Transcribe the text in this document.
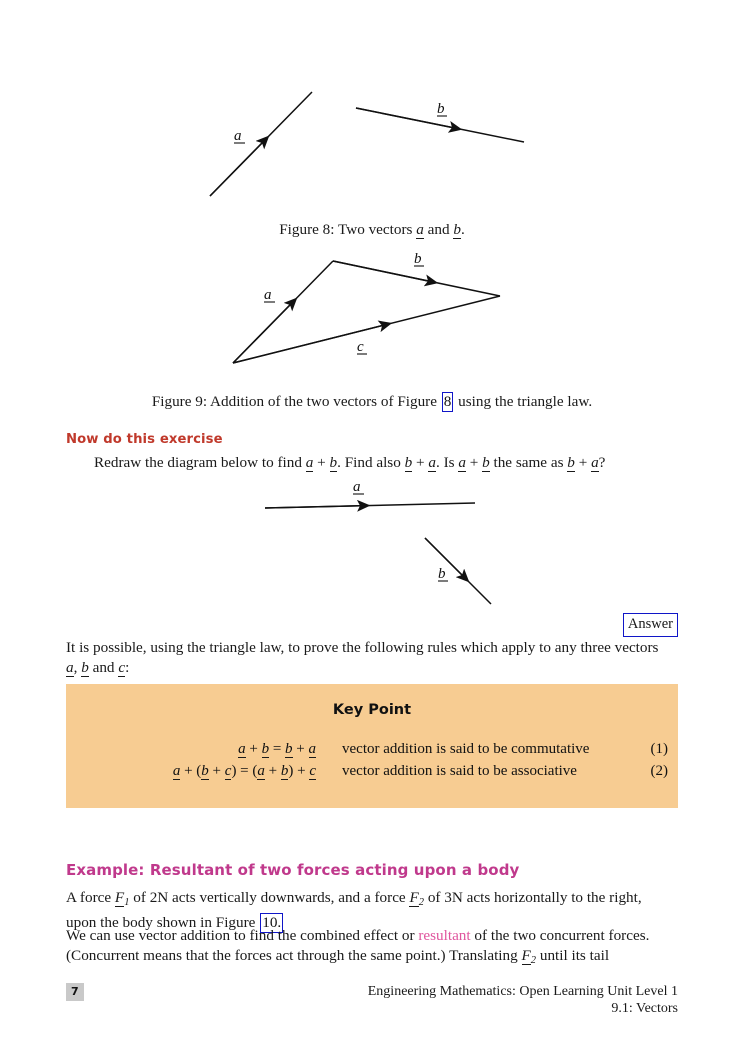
a
b
Figure 8: Two vectors a and b.
a
b
c
Figure 9: Addition of the two vectors of Figure 8 using the triangle law.
Now do this exercise
Redraw the diagram below to find a + b. Find also b + a. Is a + b the same as b + a?
a
b
Answer
It is possible, using the triangle law, to prove the following rules which apply to any three vectors
a, b and c:
Key Point
a + b = b + a	vector addition is said to be commutative	(1)
a + (b + c) = (a + b) + c	vector addition is said to be associative	(2)
Example: Resultant of two forces acting upon a body
A force $F_1$ of 2N acts vertically downwards, and a force $F_2$ of 3N acts horizontally to the right,
upon the body shown in Figure 10.
We can use vector addition to find the combined effect or resultant of the two concurrent forces.
(Concurrent means that the forces act through the same point.) Translating $F_2$ until its tail
7	Engineering Mathematics: Open Learning Unit Level 1
9.1: Vectors
